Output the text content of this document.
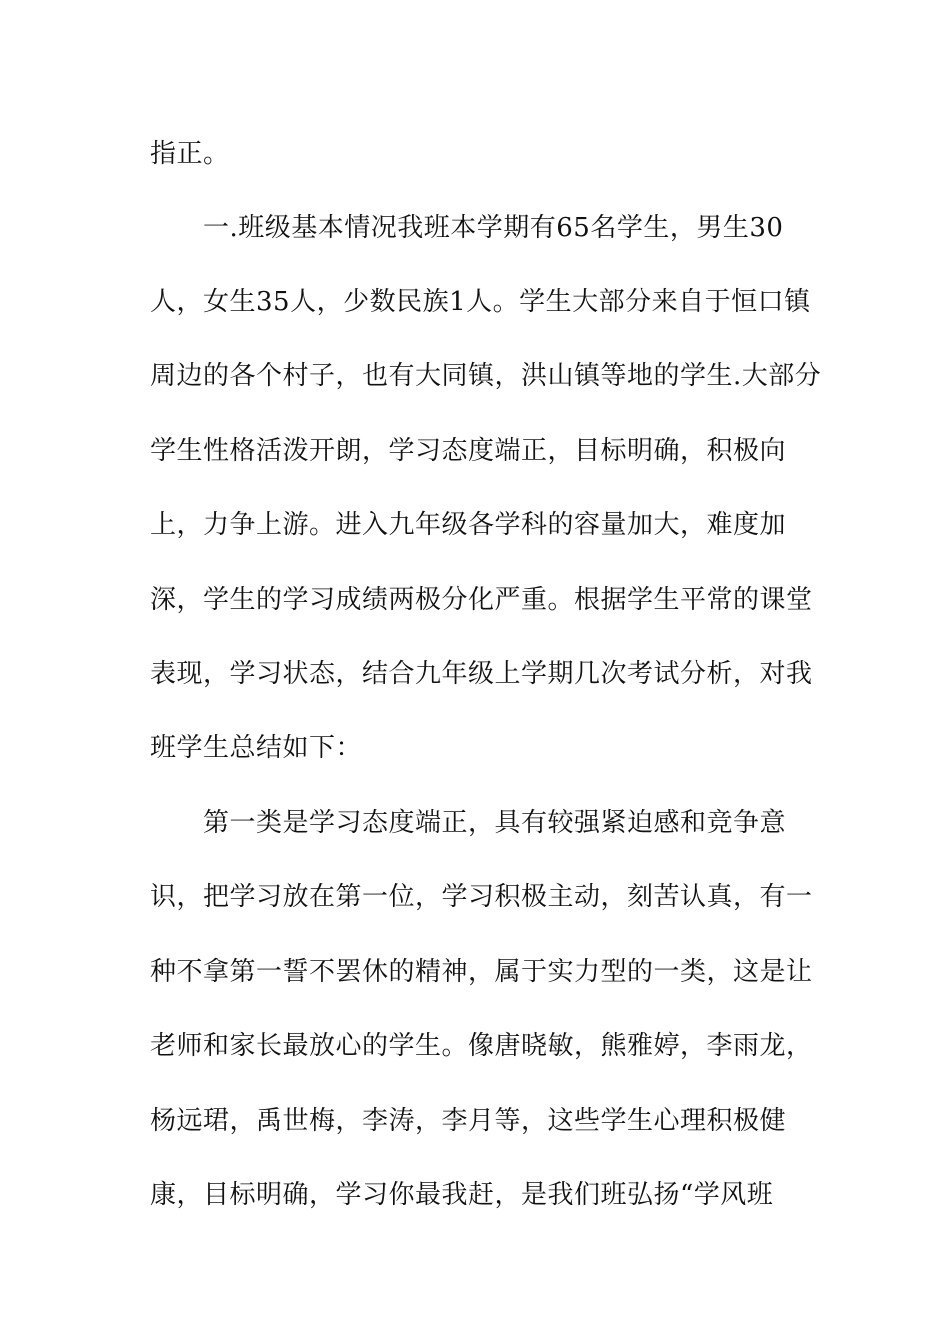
指正。
一.班级基本情况我班本学期有65名学生，男生30
人，女生35人，少数民族1人。学生大部分来自于恒口镇
周边的各个村子，也有大同镇，洪山镇等地的学生.大部分
学生性格活泼开朗，学习态度端正，目标明确，积极向
上，力争上游。进入九年级各学科的容量加大，难度加
深，学生的学习成绩两极分化严重。根据学生平常的课堂
表现，学习状态，结合九年级上学期几次考试分析，对我
班学生总结如下：
第一类是学习态度端正，具有较强紧迫感和竞争意
识，把学习放在第一位，学习积极主动，刻苦认真，有一
种不拿第一誓不罢休的精神，属于实力型的一类，这是让
老师和家长最放心的学生。像唐晓敏，熊雅婷，李雨龙，
杨远珺，禹世梅，李涛，李月等，这些学生心理积极健
康，目标明确，学习你最我赶，是我们班弘扬“学风班
